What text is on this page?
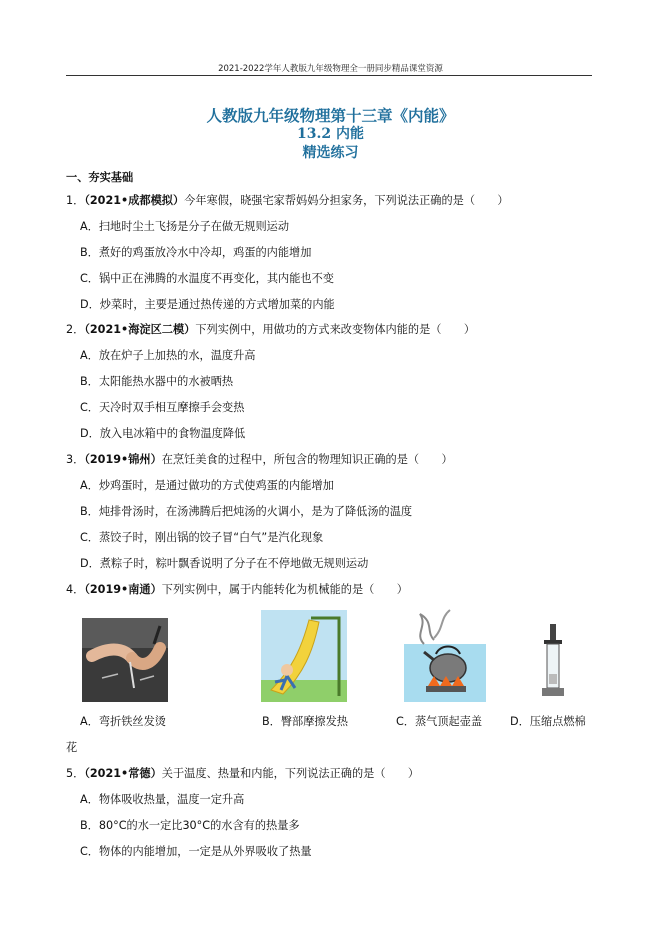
2021-2022学年人教版九年级物理全一册同步精品课堂资源
人教版九年级物理第十三章《内能》
13.2 内能
精选练习
一、夯实基础
1．（2021•成都模拟）今年寒假，晓强宅家帮妈妈分担家务，下列说法正确的是（　　）
A．扫地时尘土飞扬是分子在做无规则运动
B．煮好的鸡蛋放冷水中冷却，鸡蛋的内能增加
C．锅中正在沸腾的水温度不再变化，其内能也不变
D．炒菜时，主要是通过热传递的方式增加菜的内能
2．（2021•海淀区二模）下列实例中，用做功的方式来改变物体内能的是（　　）
A．放在炉子上加热的水，温度升高
B．太阳能热水器中的水被晒热
C．天冷时双手相互摩擦手会变热
D．放入电冰箱中的食物温度降低
3．（2019•锦州）在烹饪美食的过程中，所包含的物理知识正确的是（　　）
A．炒鸡蛋时，是通过做功的方式使鸡蛋的内能增加
B．炖排骨汤时，在汤沸腾后把炖汤的火调小，是为了降低汤的温度
C．蒸饺子时，刚出锅的饺子冒“白气”是汽化现象
D．煮粽子时，粽叶飘香说明了分子在不停地做无规则运动
4．（2019•南通）下列实例中，属于内能转化为机械能的是（　　）
A．弯折铁丝发烫	B．臀部摩擦发热	C．蒸气顶起壶盖 D．压缩点燃棉
花
5．（2021•常德）关于温度、热量和内能，下列说法正确的是（　　）
A．物体吸收热量，温度一定升高
B．80°C的水一定比30°C的水含有的热量多
C．物体的内能增加，一定是从外界吸收了热量
